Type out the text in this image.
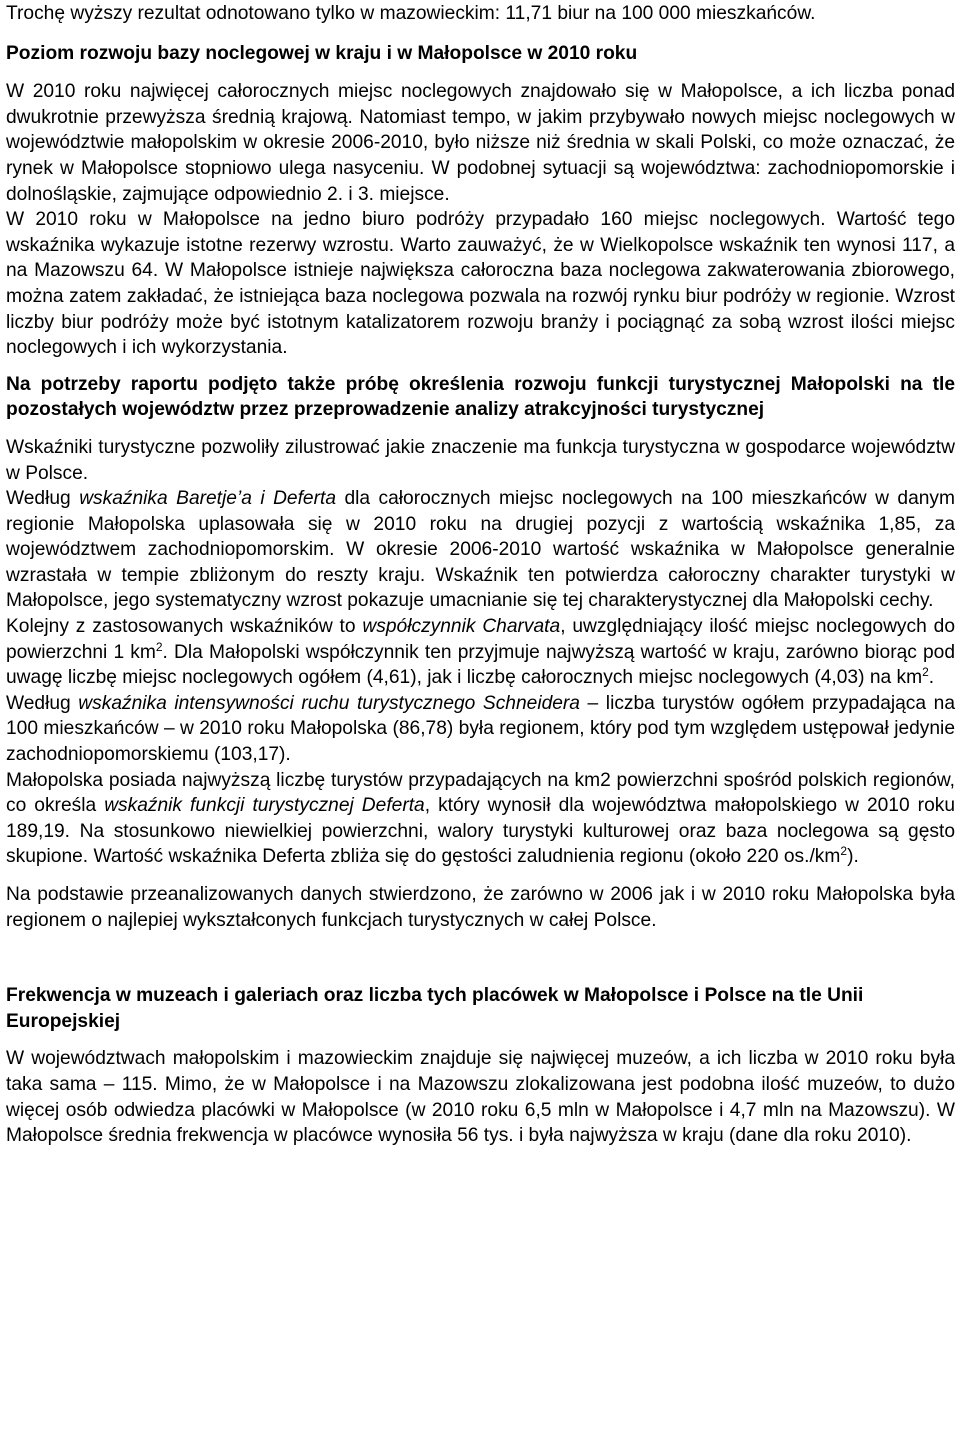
Trochę wyższy rezultat odnotowano tylko w mazowieckim: 11,71 biur na 100 000 mieszkańców.

Poziom rozwoju bazy noclegowej w kraju i w Małopolsce w 2010 roku

W 2010 roku najwięcej całorocznych miejsc noclegowych znajdowało się w Małopolsce, a ich liczba ponad dwukrotnie przewyższa średnią krajową. Natomiast tempo, w jakim przybywało nowych miejsc noclegowych w województwie małopolskim w okresie 2006-2010, było niższe niż średnia w skali Polski, co może oznaczać, że rynek w Małopolsce stopniowo ulega nasyceniu. W podobnej sytuacji są województwa: zachodniopomorskie i dolnośląskie, zajmujące odpowiednio 2. i 3. miejsce.

W 2010 roku w Małopolsce na jedno biuro podróży przypadało 160 miejsc noclegowych. Wartość tego wskaźnika wykazuje istotne rezerwy wzrostu. Warto zauważyć, że w Wielkopolsce wskaźnik ten wynosi 117, a na Mazowszu 64. W Małopolsce istnieje największa całoroczna baza noclegowa zakwaterowania zbiorowego, można zatem zakładać, że istniejąca baza noclegowa pozwala na rozwój rynku biur podróży w regionie. Wzrost liczby biur podróży może być istotnym katalizatorem rozwoju branży i pociągnąć za sobą wzrost ilości miejsc noclegowych i ich wykorzystania.

Na potrzeby raportu podjęto także próbę określenia rozwoju funkcji turystycznej Małopolski na tle pozostałych województw przez przeprowadzenie analizy atrakcyjności turystycznej

Wskaźniki turystyczne pozwoliły zilustrować jakie znaczenie ma funkcja turystyczna w gospodarce województw w Polsce.

Według wskaźnika Baretje’a i Deferta dla całorocznych miejsc noclegowych na 100 mieszkańców w danym regionie Małopolska uplasowała się w 2010 roku na drugiej pozycji z wartością wskaźnika 1,85, za województwem zachodniopomorskim. W okresie 2006-2010 wartość wskaźnika w Małopolsce generalnie wzrastała w tempie zbliżonym do reszty kraju. Wskaźnik ten potwierdza całoroczny charakter turystyki w Małopolsce, jego systematyczny wzrost pokazuje umacnianie się tej charakterystycznej dla Małopolski cechy.

Kolejny z zastosowanych wskaźników to współczynnik Charvata, uwzględniający ilość miejsc noclegowych do powierzchni 1 $km^2$. Dla Małopolski współczynnik ten przyjmuje najwyższą wartość w kraju, zarówno biorąc pod uwagę liczbę miejsc noclegowych ogółem (4,61), jak i liczbę całorocznych miejsc noclegowych (4,03) na $km^2$.

Według wskaźnika intensywności ruchu turystycznego Schneidera – liczba turystów ogółem przypadająca na 100 mieszkańców – w 2010 roku Małopolska (86,78) była regionem, który pod tym względem ustępował jedynie zachodniopomorskiemu (103,17).

Małopolska posiada najwyższą liczbę turystów przypadających na km2 powierzchni spośród polskich regionów, co określa wskaźnik funkcji turystycznej Deferta, który wynosił dla województwa małopolskiego w 2010 roku 189,19. Na stosunkowo niewielkiej powierzchni, walory turystyki kulturowej oraz baza noclegowa są gęsto skupione. Wartość wskaźnika Deferta zbliża się do gęstości zaludnienia regionu (około 220 $os./km^2$).

Na podstawie przeanalizowanych danych stwierdzono, że zarówno w 2006 jak i w 2010 roku Małopolska była regionem o najlepiej wykształconych funkcjach turystycznych w całej Polsce.

Frekwencja w muzeach i galeriach oraz liczba tych placówek w Małopolsce i Polsce na tle Unii Europejskiej

W województwach małopolskim i mazowieckim znajduje się najwięcej muzeów, a ich liczba w 2010 roku była taka sama – 115. Mimo, że w Małopolsce i na Mazowszu zlokalizowana jest podobna ilość muzeów, to dużo więcej osób odwiedza placówki w Małopolsce (w 2010 roku 6,5 mln w Małopolsce i 4,7 mln na Mazowszu). W Małopolsce średnia frekwencja w placówce wynosiła 56 tys. i była najwyższa w kraju (dane dla roku 2010).
